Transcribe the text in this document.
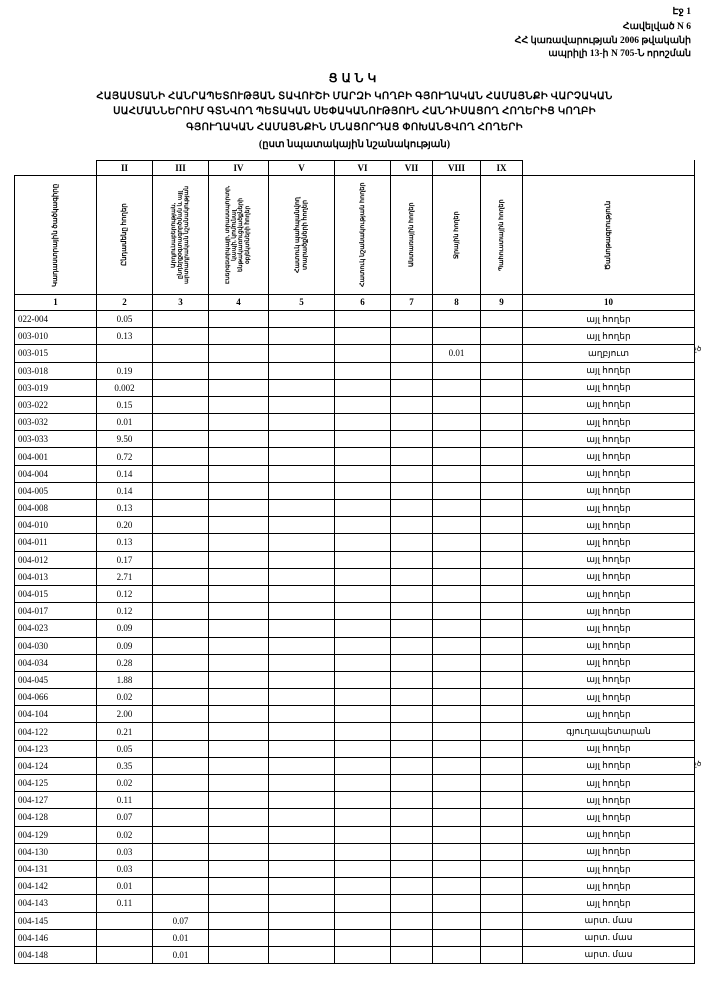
Էջ 1
Հավելված N 6
ՀՀ կառավարության 2006 թվականի
ապրիլի 13-ի N 705-Ն որոշման
ՑԱՆԿ
ՀԱՅԱՍՏԱՆԻ ՀԱՆՐԱՊԵՏՈՒԹՅԱՆ ՏԱՎՈՒՇԻ ՄԱՐԶԻ ԿՈՂԲԻ ԳՅՈՒՂԱԿԱՆ ՀԱՄԱՅՆՔԻ ՎԱՐՉԱԿԱՆ
ՍԱՀՄԱՆՆԵՐՈՒՄ ԳՏՆՎՈՂ ՊԵՏԱԿԱՆ ՍԵՓԱԿԱՆՈՒԹՅՈՒՆ ՀԱՆԴԻՍԱՑՈՂ ՀՈՂԵՐԻՑ ԿՈՂԲԻ
ԳՅՈՒՂԱԿԱՆ ՀԱՄԱՅՆՔԻՆ ՄՆԱՑՈՐԴԱՑ ՓՈԽԱՆՑՎՈՂ ՀՈՂԵՐԻ
(ըստ նպատակային նշանակության)
	II	III	IV	V	VI	VII	VIII	IX	

Կադաստրային ծածկագիրը	Ընդամենը հողեր	Արդյունաբերության, ընդերքօգտագործման և այլ արտադրական նշանակության	Էներգետիկայի, տրանսպորտի, կապի, կոմունալ ենթակառուցվածքների օբյեկտների հողեր	Հատուկ պահպանվող տարածքների հողեր	Հատուկ նշանակության հողեր	Անտառային հողեր	Ջրային հողեր	Պահուստային հողեր	Ծանոթագրություն

1	2	3	4	5	6	7	8	9	10
022-004	0.05								այլ հողեր
003-010	0.13								այլ հողեր
003-015							0.01		աղբյուտ
003-018	0.19								այլ հողեր
003-019	0.002								այլ հողեր
003-022	0.15								այլ հողեր
003-032	0.01								այլ հողեր
003-033	9.50								այլ հողեր
004-001	0.72								այլ հողեր
004-004	0.14								այլ հողեր
004-005	0.14								այլ հողեր
004-008	0.13								այլ հողեր
004-010	0.20								այլ հողեր
004-011	0.13								այլ հողեր
004-012	0.17								այլ հողեր
004-013	2.71								այլ հողեր
004-015	0.12								այլ հողեր
004-017	0.12								այլ հողեր
004-023	0.09								այլ հողեր
004-030	0.09								այլ հողեր
004-034	0.28								այլ հողեր
004-045	1.88								այլ հողեր
004-066	0.02								այլ հողեր
004-104	2.00								այլ հողեր
004-122	0.21								գյուղապետարան
004-123	0.05								այլ հողեր
004-124	0.35								այլ հողեր
004-125	0.02								այլ հողեր
004-127	0.11								այլ հողեր
004-128	0.07								այլ հողեր
004-129	0.02								այլ հողեր
004-130	0.03								այլ հողեր
004-131	0.03								այլ հողեր
004-142	0.01								այլ հողեր
004-143	0.11								այլ հողեր
004-145		0.07							արտ. մաս
004-146		0.01							արտ. մաս
004-148		0.01							արտ. մաս
չծ
չծ
